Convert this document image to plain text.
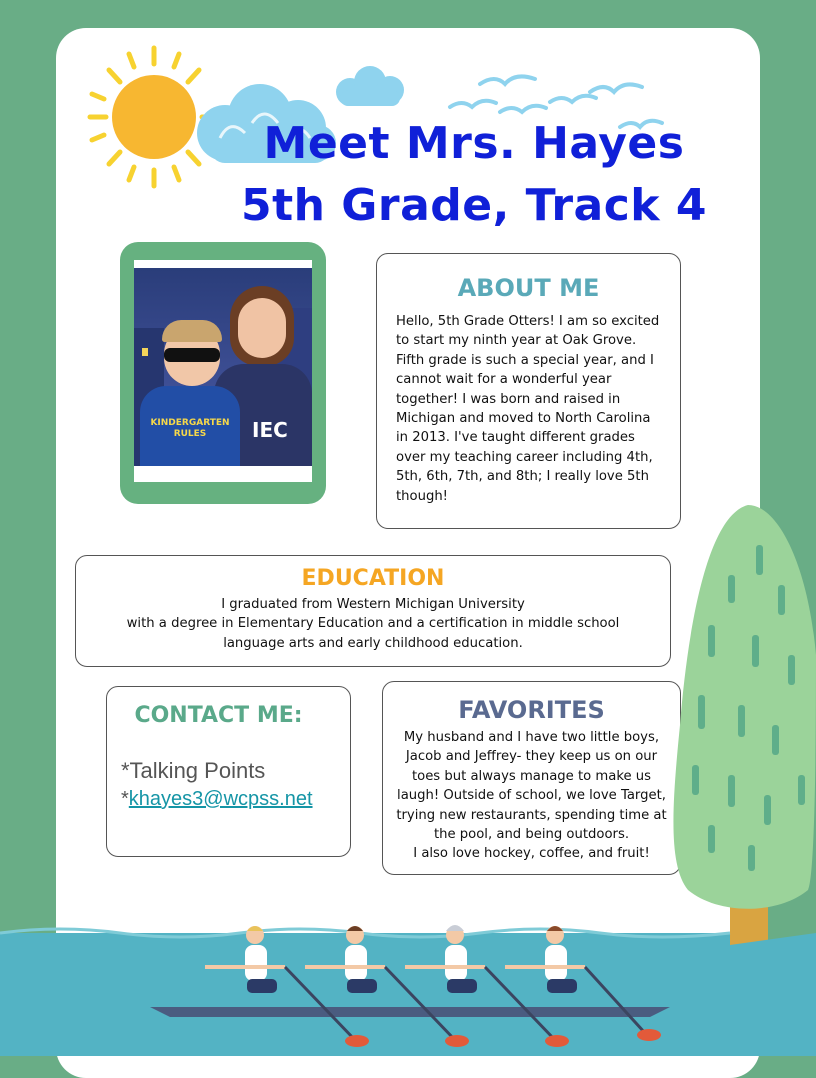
Meet Mrs. Hayes
5th Grade, Track 4
IEC
KINDERGARTEN
RULES
ABOUT ME
Hello, 5th Grade Otters! I am so excited to start my ninth year at Oak Grove. Fifth grade is such a special year, and I cannot wait for a wonderful year together! I was born and raised in Michigan and moved to North Carolina in 2013. I've taught different grades over my teaching career including 4th, 5th, 6th, 7th, and 8th; I really love 5th though!
EDUCATION
I graduated from Western Michigan University
with a degree in Elementary Education and a certification in middle school
language arts and early childhood education.
CONTACT ME:
*Talking Points
*khayes3@wcpss.net
FAVORITES
My husband and I have two little boys, Jacob and Jeffrey- they keep us on our toes but always manage to make us laugh! Outside of school, we love Target, trying new restaurants, spending time at the pool, and being outdoors.
I also love hockey, coffee, and fruit!
